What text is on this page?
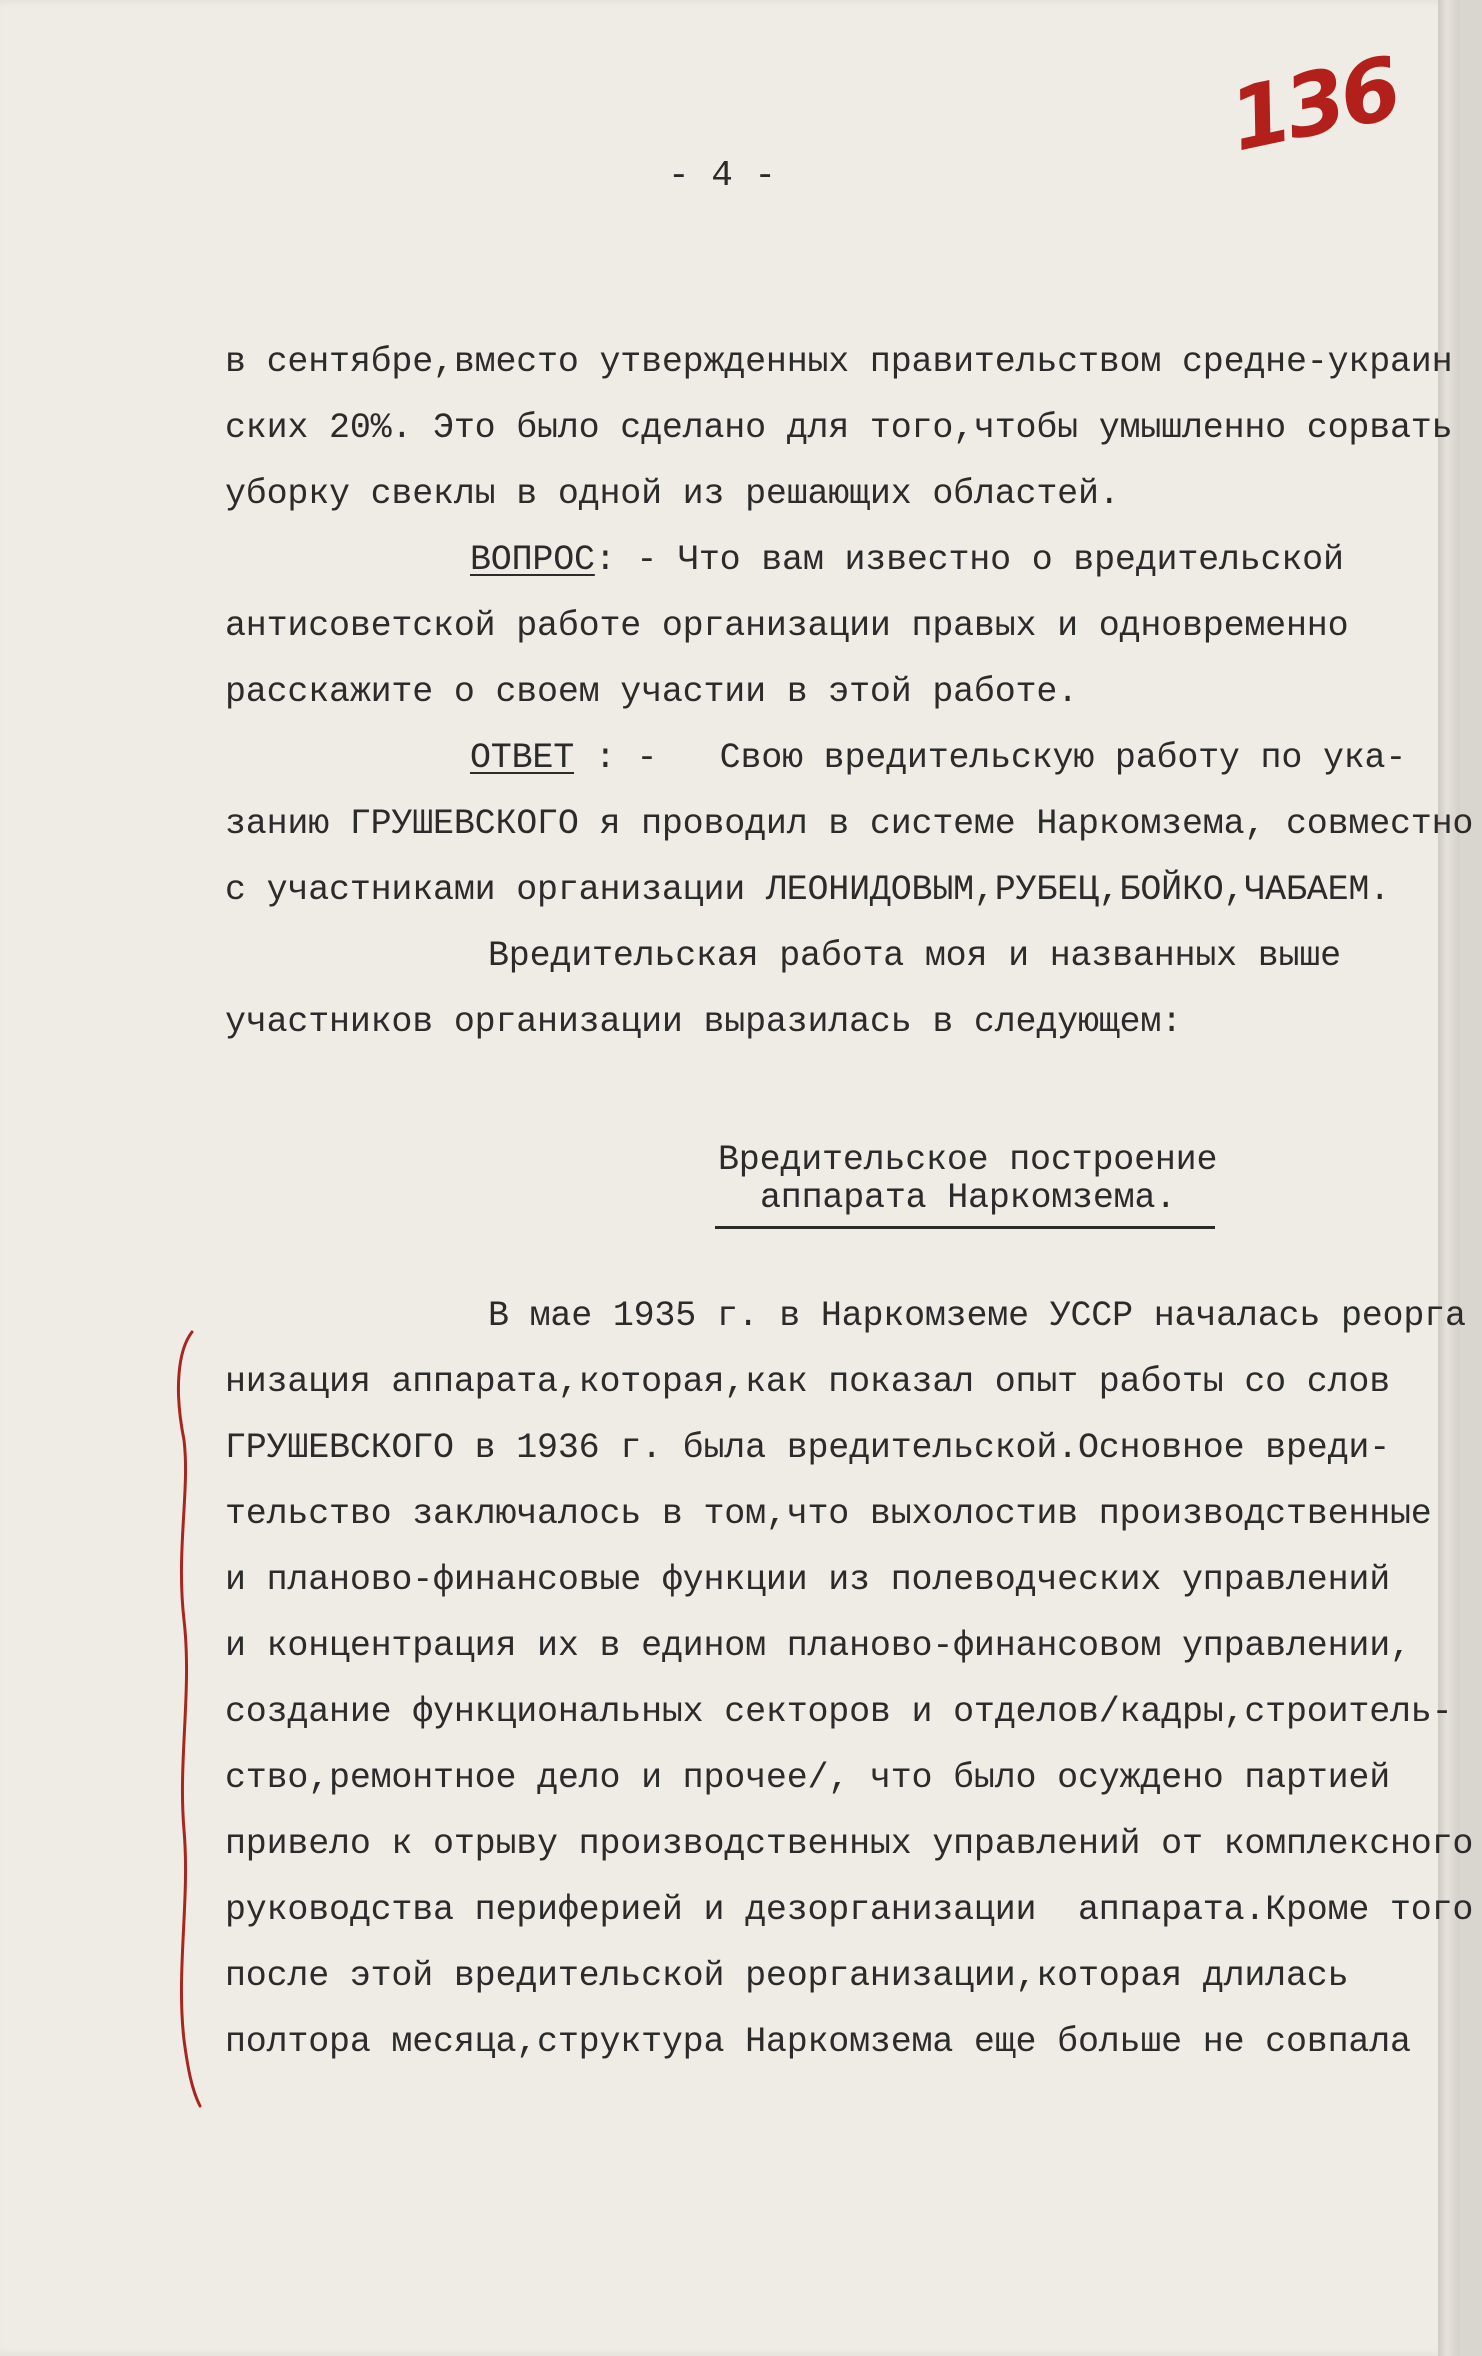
136
- 4 -
в сентябре,вместо утвержденных правительством средне-украин
ских 20%. Это было сделано для того,чтобы умышленно сорвать
уборку свеклы в одной из решающих областей.
ВОПРОС: - Что вам известно о вредительской
антисоветской работе организации правых и одновременно
расскажите о своем участии в этой работе.
ОТВЕТ : -   Свою вредительскую работу по ука-
занию ГРУШЕВСКОГО я проводил в системе Наркомзема, совместно
с участниками организации ЛЕОНИДОВЫМ,РУБЕЦ,БОЙКО,ЧАБАЕМ.
Вредительская работа моя и названных выше
участников организации выразилась в следующем:
Вредительское построение
аппарата Наркомзема.
В мае 1935 г. в Наркомземе УССР началась реорга
низация аппарата,которая,как показал опыт работы со слов
ГРУШЕВСКОГО в 1936 г. была вредительской.Основное вреди-
тельство заключалось в том,что выхолостив производственные
и планово-финансовые функции из полеводческих управлений
и концентрация их в едином планово-финансовом управлении,
создание функциональных секторов и отделов/кадры,строитель-
ство,ремонтное дело и прочее/, что было осуждено партией
привело к отрыву производственных управлений от комплексного
руководства периферией и дезорганизации  аппарата.Кроме того
после этой вредительской реорганизации,которая длилась
полтора месяца,структура Наркомзема еще больше не совпала
